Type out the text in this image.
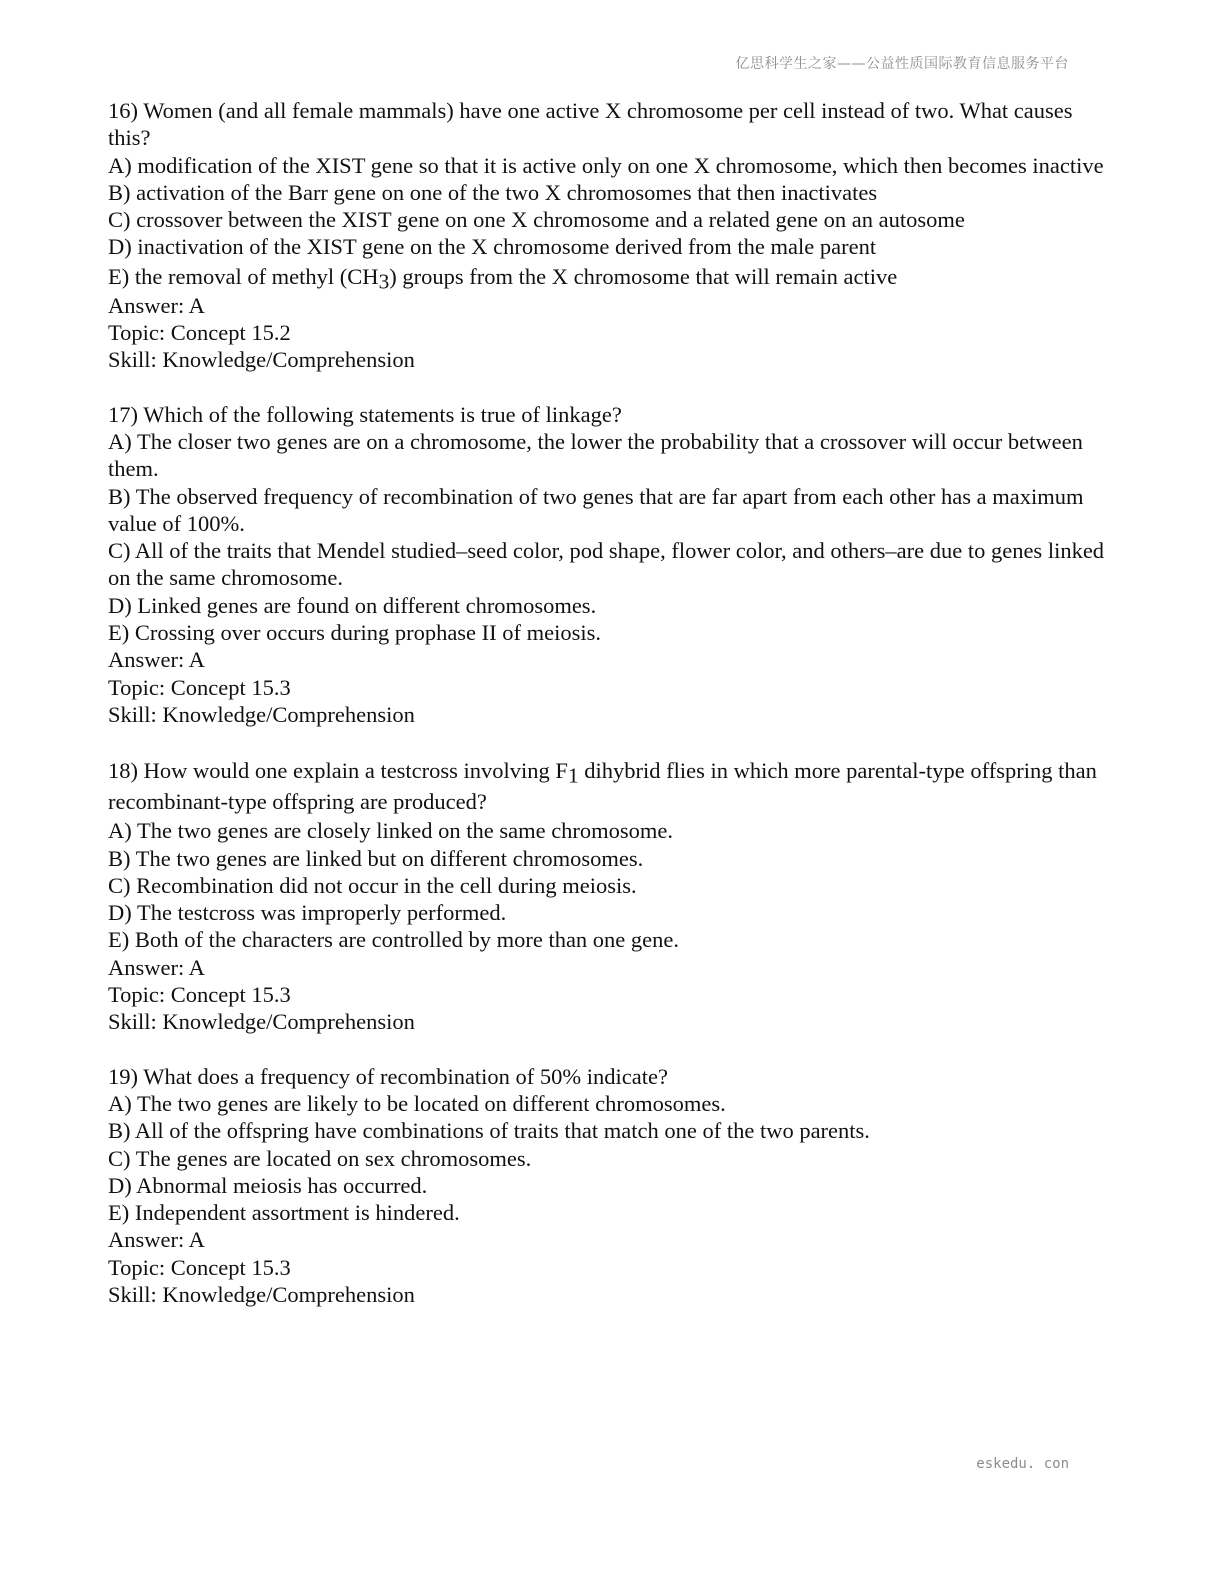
亿思科学生之家——公益性质国际教育信息服务平台
16) Women (and all female mammals) have one active X chromosome per cell instead of two. What causes this?
A) modification of the XIST gene so that it is active only on one X chromosome, which then becomes inactive
B) activation of the Barr gene on one of the two X chromosomes that then inactivates
C) crossover between the XIST gene on one X chromosome and a related gene on an autosome
D) inactivation of the XIST gene on the X chromosome derived from the male parent
E) the removal of methyl $(CH_3)$ groups from the X chromosome that will remain active
Answer: A
Topic: Concept 15.2
Skill: Knowledge/Comprehension
17) Which of the following statements is true of linkage?
A) The closer two genes are on a chromosome, the lower the probability that a crossover will occur between them.
B) The observed frequency of recombination of two genes that are far apart from each other has a maximum value of 100%.
C) All of the traits that Mendel studied–seed color, pod shape, flower color, and others–are due to genes linked on the same chromosome.
D) Linked genes are found on different chromosomes.
E) Crossing over occurs during prophase II of meiosis.
Answer: A
Topic: Concept 15.3
Skill: Knowledge/Comprehension
18) How would one explain a testcross involving $F_1$ dihybrid flies in which more parental-type offspring than recombinant-type offspring are produced?
A) The two genes are closely linked on the same chromosome.
B) The two genes are linked but on different chromosomes.
C) Recombination did not occur in the cell during meiosis.
D) The testcross was improperly performed.
E) Both of the characters are controlled by more than one gene.
Answer: A
Topic: Concept 15.3
Skill: Knowledge/Comprehension
19) What does a frequency of recombination of 50% indicate?
A) The two genes are likely to be located on different chromosomes.
B) All of the offspring have combinations of traits that match one of the two parents.
C) The genes are located on sex chromosomes.
D) Abnormal meiosis has occurred.
E) Independent assortment is hindered.
Answer: A
Topic: Concept 15.3
Skill: Knowledge/Comprehension
eskedu. con
